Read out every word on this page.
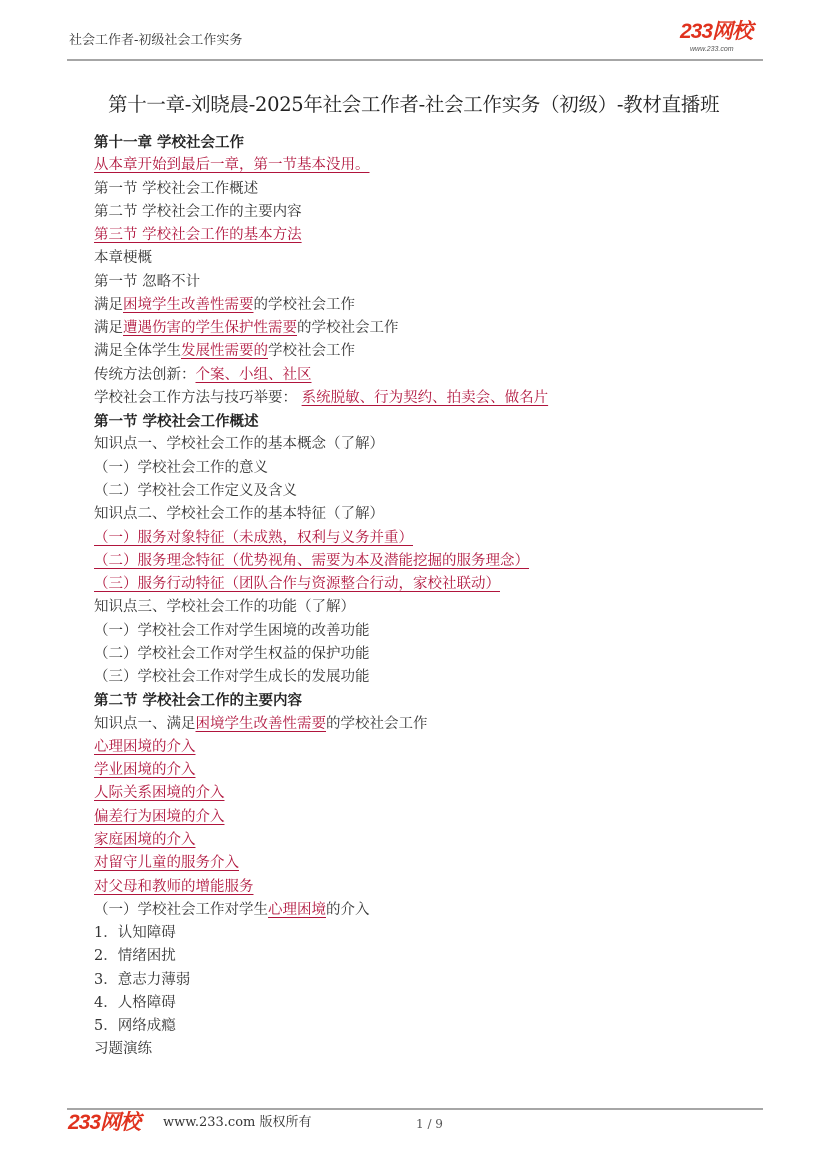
社会工作者-初级社会工作实务	233网校
www.233.com
第十一章-刘晓晨-2025年社会工作者-社会工作实务（初级）-教材直播班
第十一章 学校社会工作
从本章开始到最后一章，第一节基本没用。
第一节 学校社会工作概述
第二节 学校社会工作的主要内容
第三节 学校社会工作的基本方法
本章梗概
第一节 忽略不计
满足困境学生改善性需要的学校社会工作
满足遭遇伤害的学生保护性需要的学校社会工作
满足全体学生发展性需要的学校社会工作
传统方法创新：个案、小组、社区
学校社会工作方法与技巧举要： 系统脱敏、行为契约、拍卖会、做名片
第一节 学校社会工作概述
知识点一、学校社会工作的基本概念（了解）
（一）学校社会工作的意义
（二）学校社会工作定义及含义
知识点二、学校社会工作的基本特征（了解）
（一）服务对象特征（未成熟，权利与义务并重）
（二）服务理念特征（优势视角、需要为本及潜能挖掘的服务理念）
（三）服务行动特征（团队合作与资源整合行动，家校社联动）
知识点三、学校社会工作的功能（了解）
（一）学校社会工作对学生困境的改善功能
（二）学校社会工作对学生权益的保护功能
（三）学校社会工作对学生成长的发展功能
第二节 学校社会工作的主要内容
知识点一、满足困境学生改善性需要的学校社会工作
心理困境的介入
学业困境的介入
人际关系困境的介入
偏差行为困境的介入
家庭困境的介入
对留守儿童的服务介入
对父母和教师的增能服务
（一）学校社会工作对学生心理困境的介入
1．认知障碍
2．情绪困扰
3．意志力薄弱
4．人格障碍
5．网络成瘾
习题演练
233网校 www.233.com 版权所有	1 / 9
